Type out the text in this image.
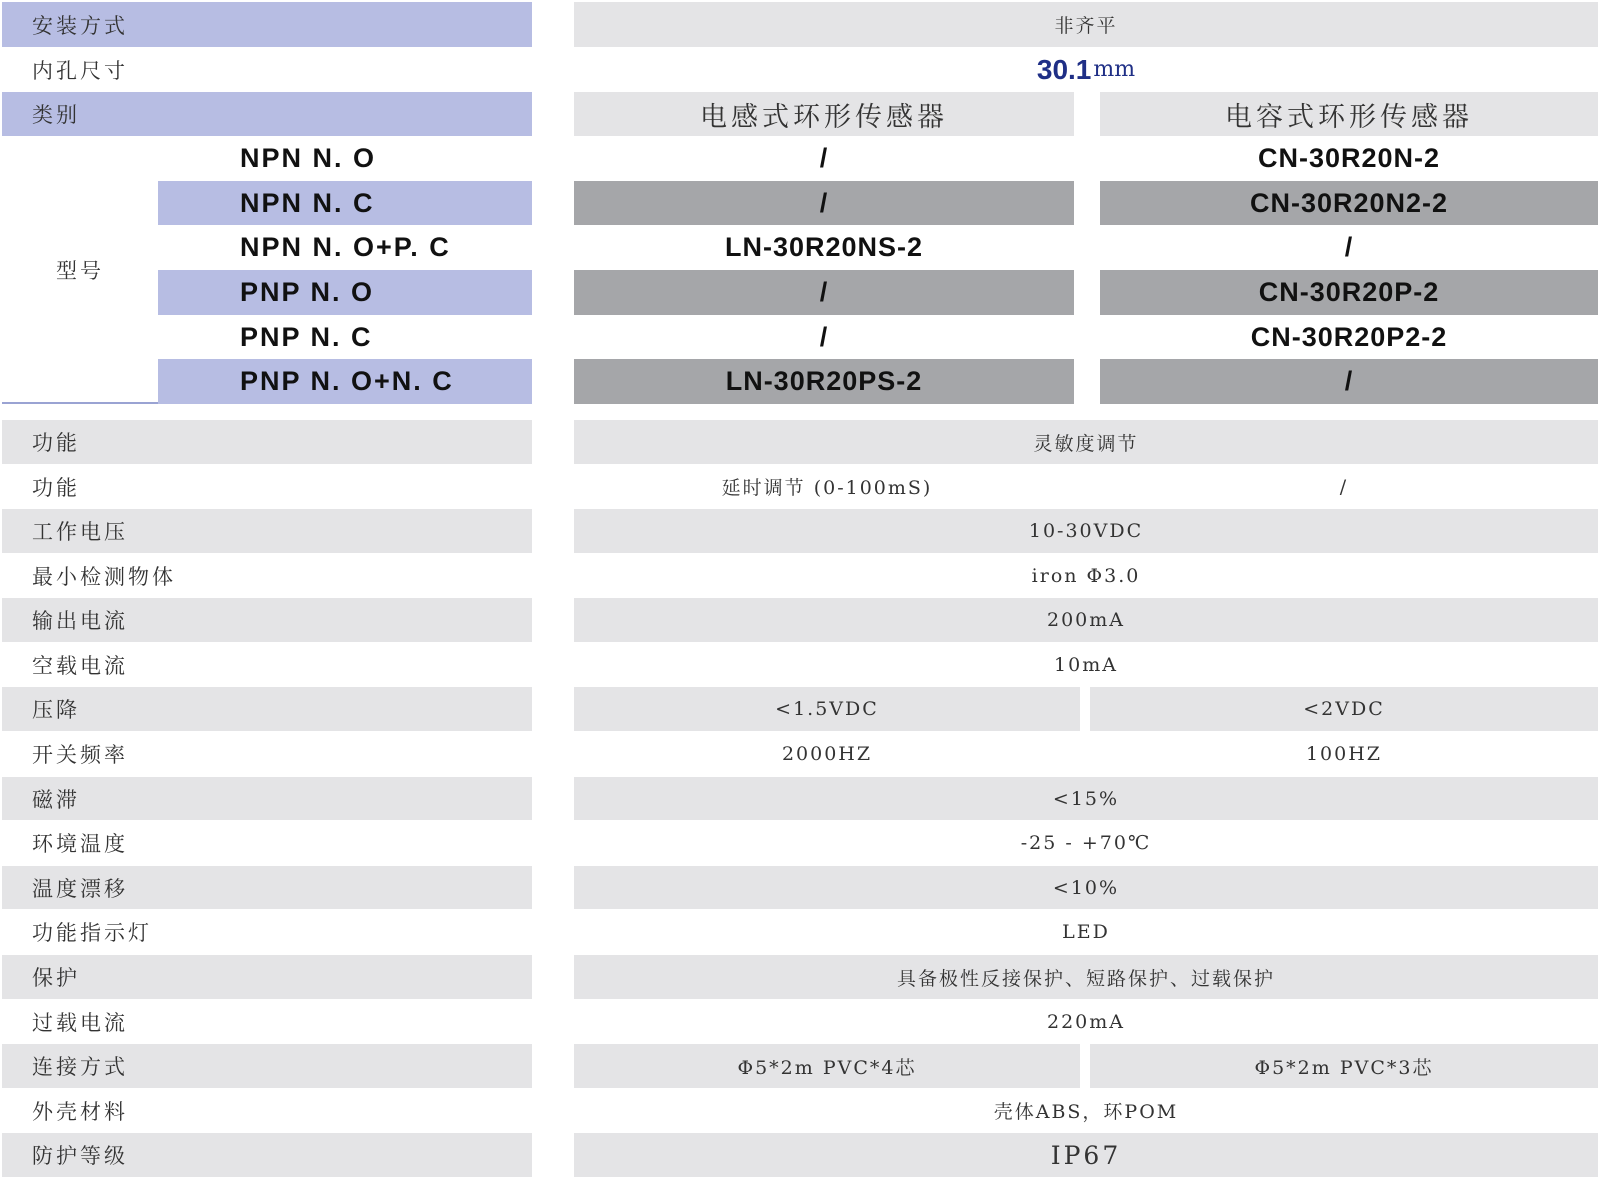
安装方式	非齐平
内孔尺寸	30.1 mm
类别	电感式环形传感器	电容式环形传感器
型号
NPN N. O	/	CN-30R20N-2
NPN N. C	/	CN-30R20N2-2
NPN N. O+P. C	LN-30R20NS-2	/
PNP N. O	/	CN-30R20P-2
PNP N. C	/	CN-30R20P2-2
PNP N. O+N. C	LN-30R20PS-2	/
功能	灵敏度调节
功能	延时调节 (0-100mS)	/
工作电压	10-30VDC
最小检测物体	iron Φ3.0
输出电流	200mA
空载电流	10mA
压降	<1.5VDC	<2VDC
开关频率	2000HZ	100HZ
磁滞	<15%
环境温度	-25 - +70℃
温度漂移	<10%
功能指示灯	LED
保护	具备极性反接保护、短路保护、过载保护
过载电流	220mA
连接方式	Φ5*2m PVC*4芯	Φ5*2m PVC*3芯
外壳材料	壳体ABS，环POM
防护等级	IP67
